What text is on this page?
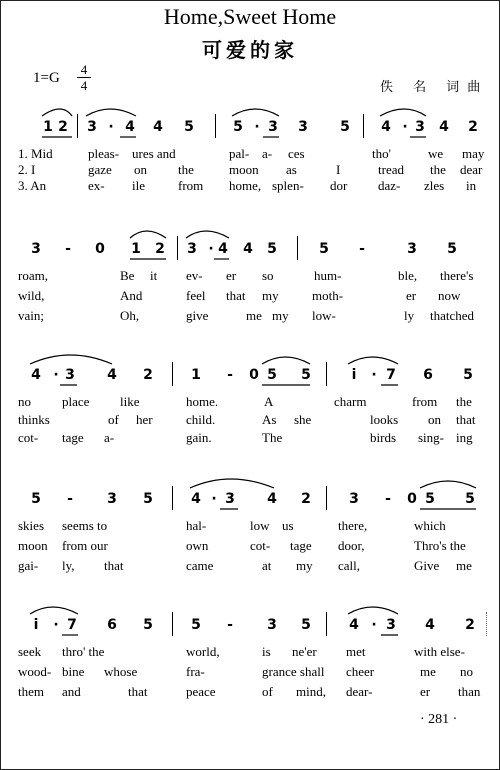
Home,Sweet Home
可爱的家
1=G
4
4	佚 名 词曲
1 2 3 · 4 4 5	5 · 3 3 5 4 · 3 4 2
1. Mid	pleas- ures and	pal- a- ces	tho'	we may
2. I	gaze on the	moon as	I	tread the dear
3. An	ex- ile	from home, splen- dor daz- zles in
3	-	0 1 2 3 · 4 4 5	5	-	3 5
roam,	Be it ev- er so	hum-	ble, there's
wild,	And	feel that my	moth-	er now
vain;	Oh,	give	me my low-	ly thatched
4 · 3 4 2	1	-	0 5 5	i	· 7 6 5
no place like	home.	A	charm	from the
thinks	of her	child.	As she	looks on that
cot- tage a-	gain.	The	birds sing- ing
5	-	3 5	4 · 3 4 2	3	-	0 5 5
skies seems to	hal-	low us	there,	which
moon from our	own	cot- tage door,	Thro's the
gai- ly, that	came	at my call,	Give me
i	· 7 6 5	5	-	3 5	4 · 3 4 2
seek thro' the	world,	is ne'er met	with else-
wood- bine whose	fra-	grance shall cheer	me no
them and	that	peace	of mind, dear-	er than
· 281 ·
